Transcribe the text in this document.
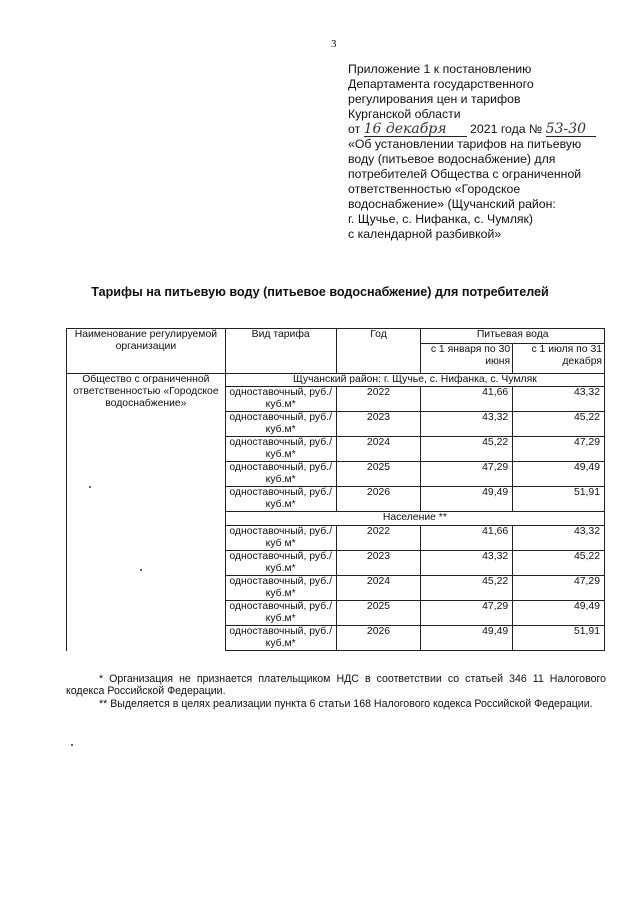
3
Приложение 1 к постановлению
Департамента государственного
регулирования цен и тарифов
Курганской области
от 16 декабря 2021 года № 53-30
«Об установлении тарифов на питьевую
воду (питьевое водоснабжение) для
потребителей Общества с ограниченной
ответственностью «Городское
водоснабжение» (Щучанский район:
г. Щучье, с. Нифанка, с. Чумляк)
с календарной разбивкой»
Тарифы на питьевую воду (питьевое водоснабжение) для потребителей
Наименование регулируемой организации	Вид тарифа	Год	Питьевая вода	
			с 1 января по 30 июня	с 1 июля по 31 декабря
Общество с ограниченной ответственностью «Городское водоснабжение»	Щучанский район: г. Щучье, с. Нифанка, с. Чумляк			
	одноставочный, руб./куб.м*	2022	41,66	43,32
	одноставочный, руб./куб.м*	2023	43,32	45,22
	одноставочный, руб./куб.м*	2024	45,22	47,29
	одноставочный, руб./куб.м*	2025	47,29	49,49
	одноставочный, руб./куб.м*	2026	49,49	51,91
	Население **			
	одноставочный, руб./куб м*	2022	41,66	43,32
	одноставочный, руб./куб.м*	2023	43,32	45,22
	одноставочный, руб./куб.м*	2024	45,22	47,29
	одноставочный, руб./куб.м*	2025	47,29	49,49
	одноставочный, руб./куб.м*	2026	49,49	51,91

* Организация не признается плательщиком НДС в соответствии со статьей 346 11 Налогового кодекса Российской Федерации.

** Выделяется в целях реализации пункта 6 статьи 168 Налогового кодекса Российской Федерации.
